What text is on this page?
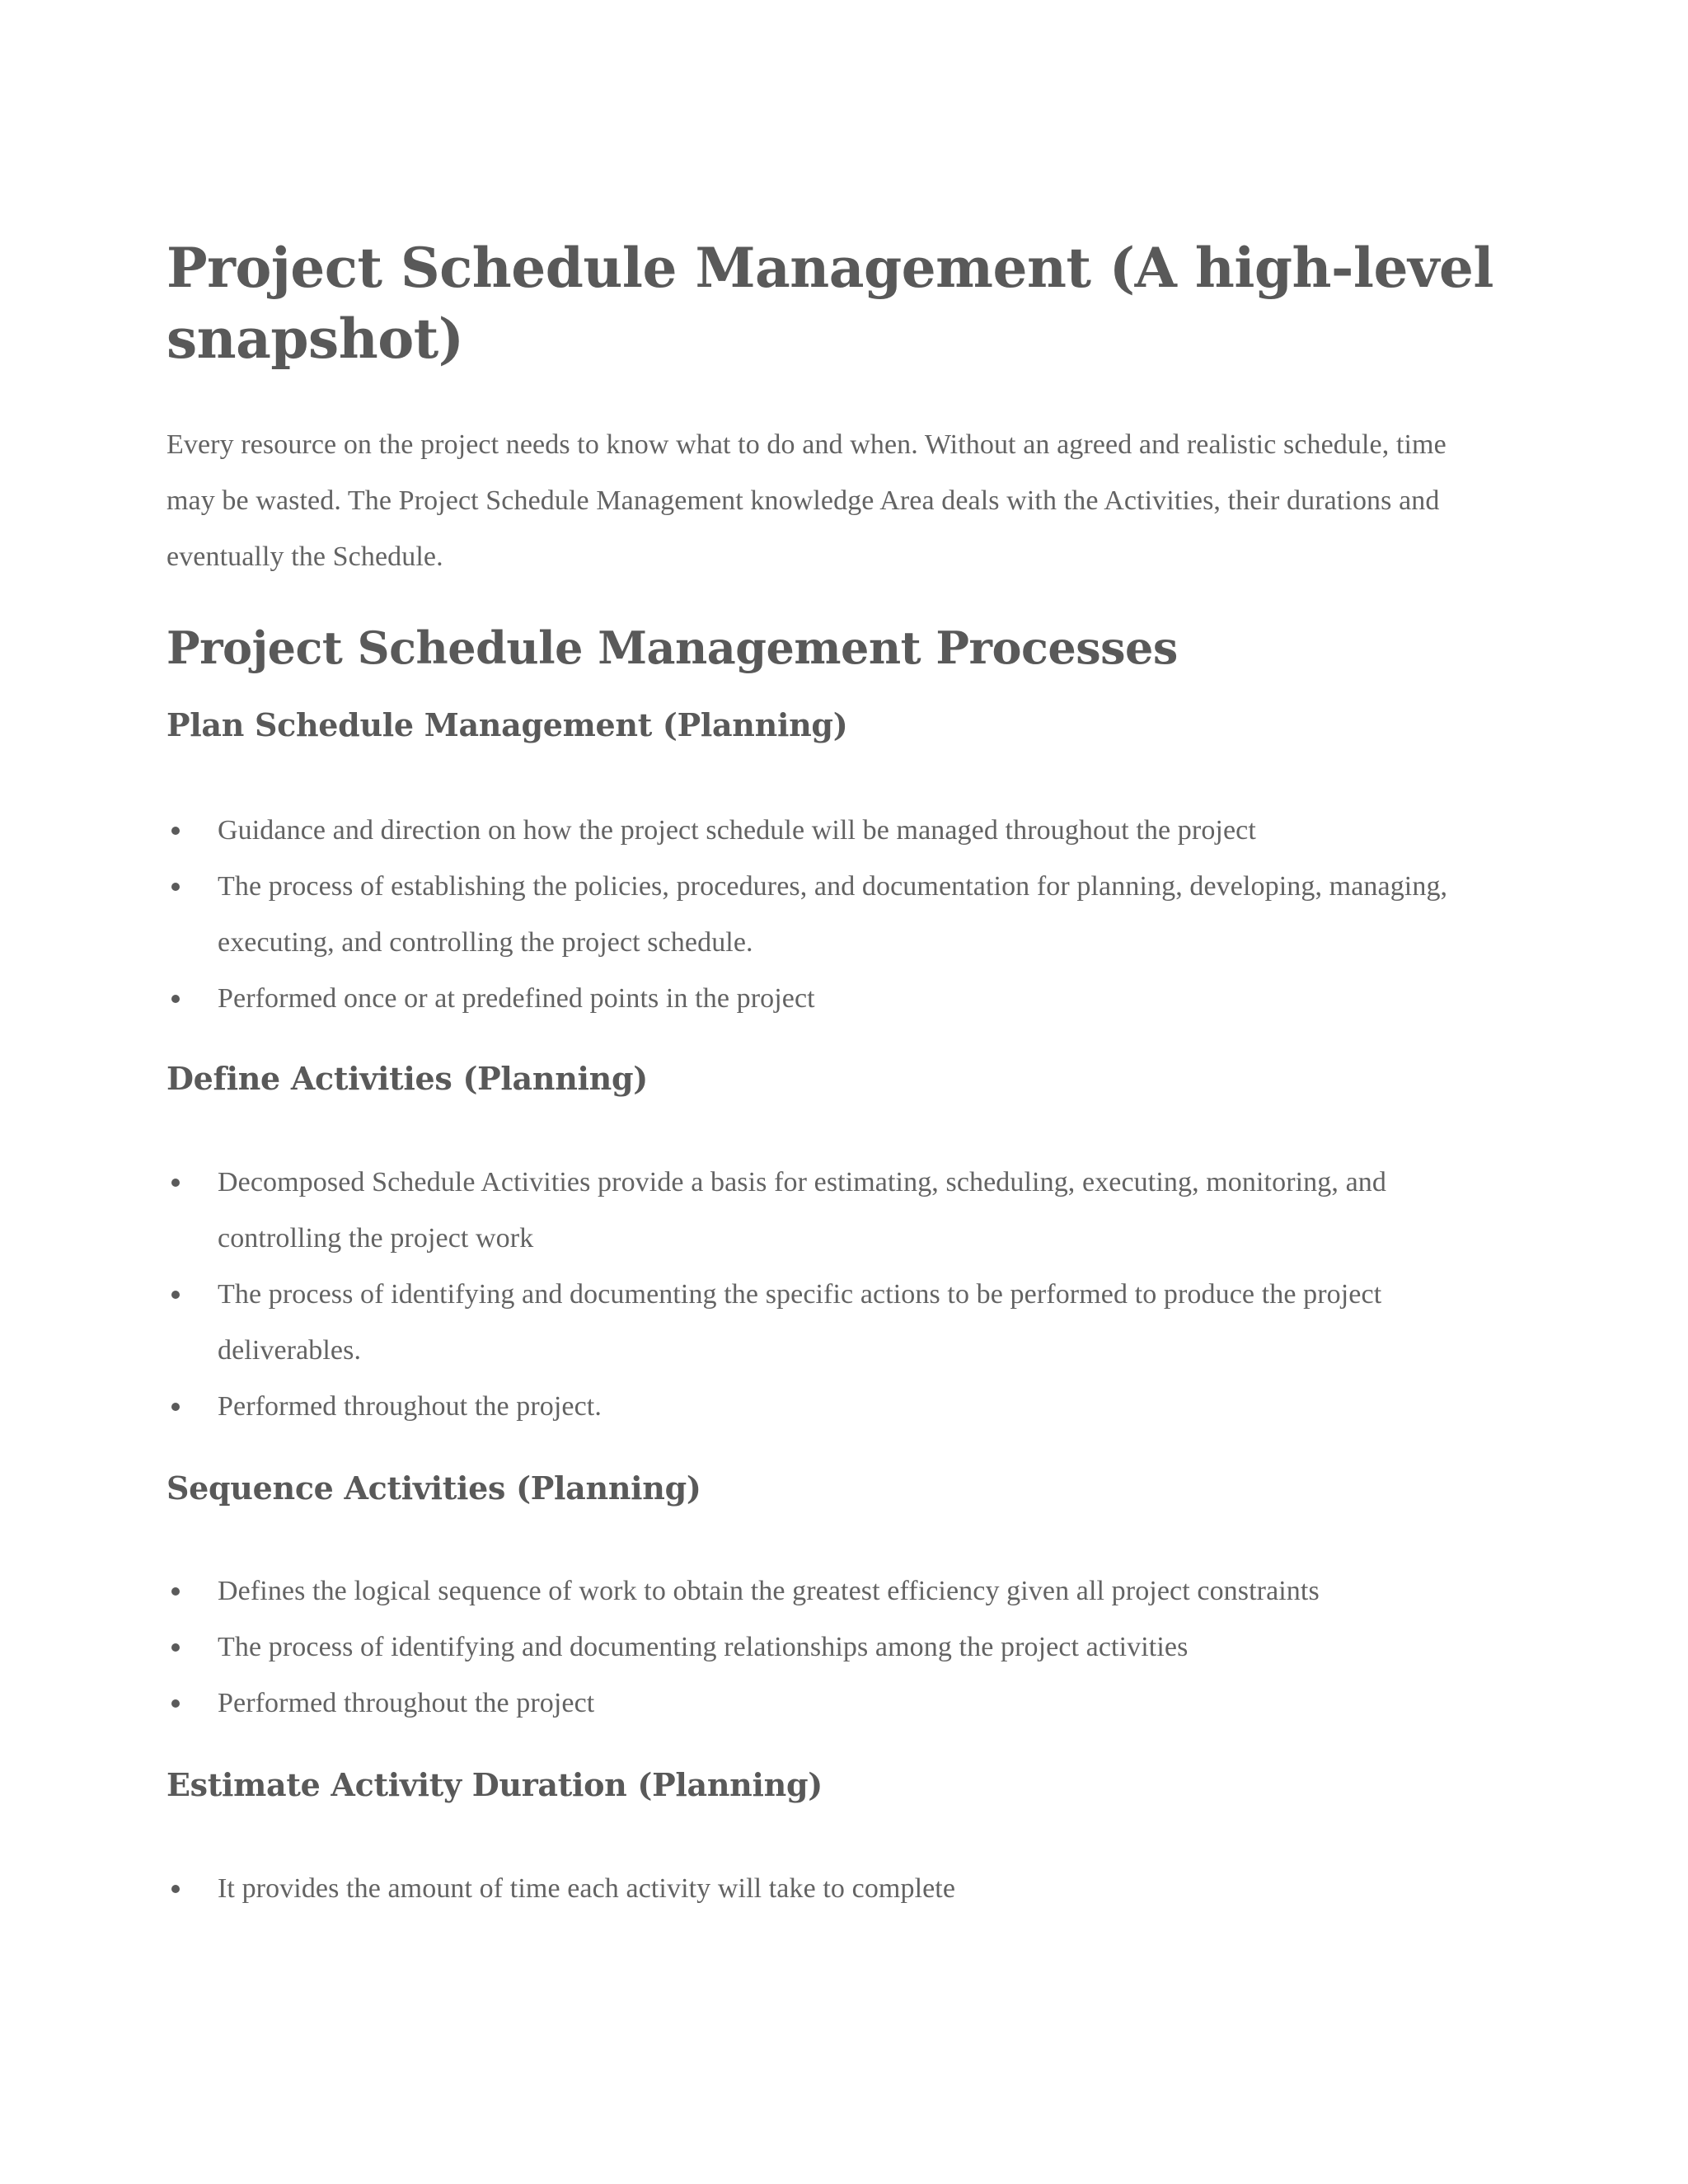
Project Schedule Management (A high-level
snapshot)

Every resource on the project needs to know what to do and when. Without an agreed and realistic schedule, time may be wasted. The Project Schedule Management knowledge Area deals with the Activities, their durations and eventually the Schedule.

Project Schedule Management Processes
Plan Schedule Management (Planning)
Guidance and direction on how the project schedule will be managed throughout the project
The process of establishing the policies, procedures, and documentation for planning, developing, managing, executing, and controlling the project schedule.
Performed once or at predefined points in the project
Define Activities (Planning)
Decomposed Schedule Activities provide a basis for estimating, scheduling, executing, monitoring, and controlling the project work
The process of identifying and documenting the specific actions to be performed to produce the project deliverables.
Performed throughout the project.
Sequence Activities (Planning)
Defines the logical sequence of work to obtain the greatest efficiency given all project constraints
The process of identifying and documenting relationships among the project activities
Performed throughout the project
Estimate Activity Duration (Planning)
It provides the amount of time each activity will take to complete
